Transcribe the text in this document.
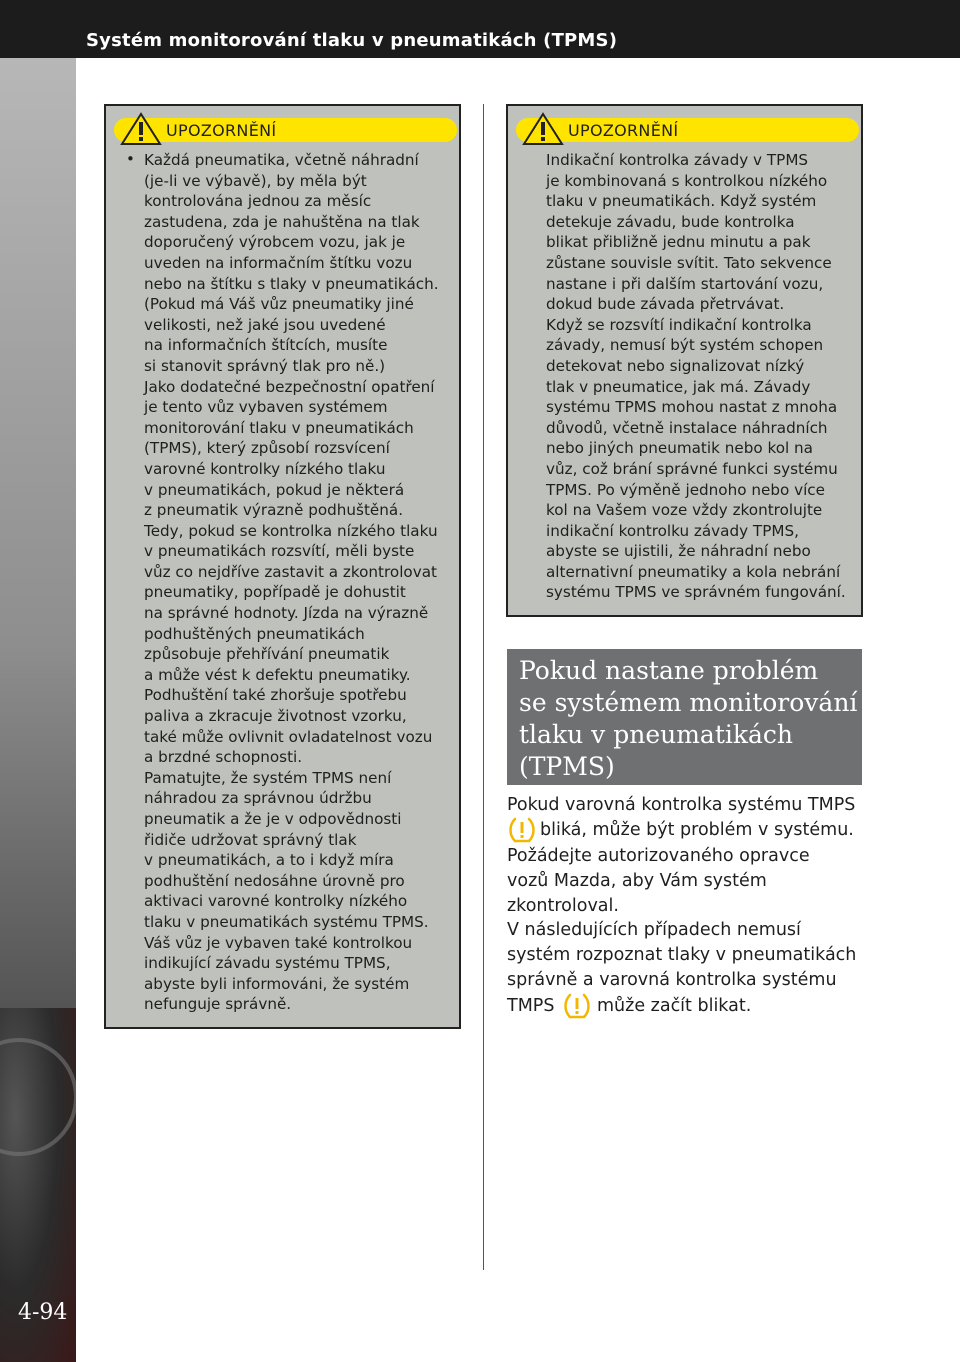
Systém monitorování tlaku v pneumatikách (TPMS)
4-94
UPOZORNĚNÍ
• Každá pneumatika, včetně náhradní
(je-li ve výbavě), by měla být
kontrolována jednou za měsíc
zastudena, zda je nahuštěna na tlak
doporučený výrobcem vozu, jak je
uveden na informačním štítku vozu
nebo na štítku s tlaky v pneumatikách.
(Pokud má Váš vůz pneumatiky jiné
velikosti, než jaké jsou uvedené
na informačních štítcích, musíte
si stanovit správný tlak pro ně.)
Jako dodatečné bezpečnostní opatření
je tento vůz vybaven systémem
monitorování tlaku v pneumatikách
(TPMS), který způsobí rozsvícení
varovné kontrolky nízkého tlaku
v pneumatikách, pokud je některá
z pneumatik výrazně podhuštěná.
Tedy, pokud se kontrolka nízkého tlaku
v pneumatikách rozsvítí, měli byste
vůz co nejdříve zastavit a zkontrolovat
pneumatiky, popřípadě je dohustit
na správné hodnoty. Jízda na výrazně
podhuštěných pneumatikách
způsobuje přehřívání pneumatik
a může vést k defektu pneumatiky.
Podhuštění také zhoršuje spotřebu
paliva a zkracuje životnost vzorku,
také může ovlivnit ovladatelnost vozu
a brzdné schopnosti.
Pamatujte, že systém TPMS není
náhradou za správnou údržbu
pneumatik a že je v odpovědnosti
řidiče udržovat správný tlak
v pneumatikách, a to i když míra
podhuštění nedosáhne úrovně pro
aktivaci varovné kontrolky nízkého
tlaku v pneumatikách systému TPMS.
Váš vůz je vybaven také kontrolkou
indikující závadu systému TPMS,
abyste byli informováni, že systém
nefunguje správně.
UPOZORNĚNÍ
Indikační kontrolka závady v TPMS
je kombinovaná s kontrolkou nízkého
tlaku v pneumatikách. Když systém
detekuje závadu, bude kontrolka
blikat přibližně jednu minutu a pak
zůstane souvisle svítit. Tato sekvence
nastane i při dalším startování vozu,
dokud bude závada přetrvávat.
Když se rozsvítí indikační kontrolka
závady, nemusí být systém schopen
detekovat nebo signalizovat nízký
tlak v pneumatice, jak má. Závady
systému TPMS mohou nastat z mnoha
důvodů, včetně instalace náhradních
nebo jiných pneumatik nebo kol na
vůz, což brání správné funkci systému
TPMS. Po výměně jednoho nebo více
kol na Vašem voze vždy zkontrolujte
indikační kontrolku závady TPMS,
abyste se ujistili, že náhradní nebo
alternativní pneumatiky a kola nebrání
systému TPMS ve správném fungování.
Pokud nastane problém
se systémem monitorování
tlaku v pneumatikách
(TPMS)
Pokud varovná kontrolka systému TMPS
bliká, může být problém v systému.
Požádejte autorizovaného opravce
vozů Mazda, aby Vám systém
zkontroloval.
V následujících případech nemusí
systém rozpoznat tlaky v pneumatikách
správně a varovná kontrolka systému
TMPS může začít blikat.
